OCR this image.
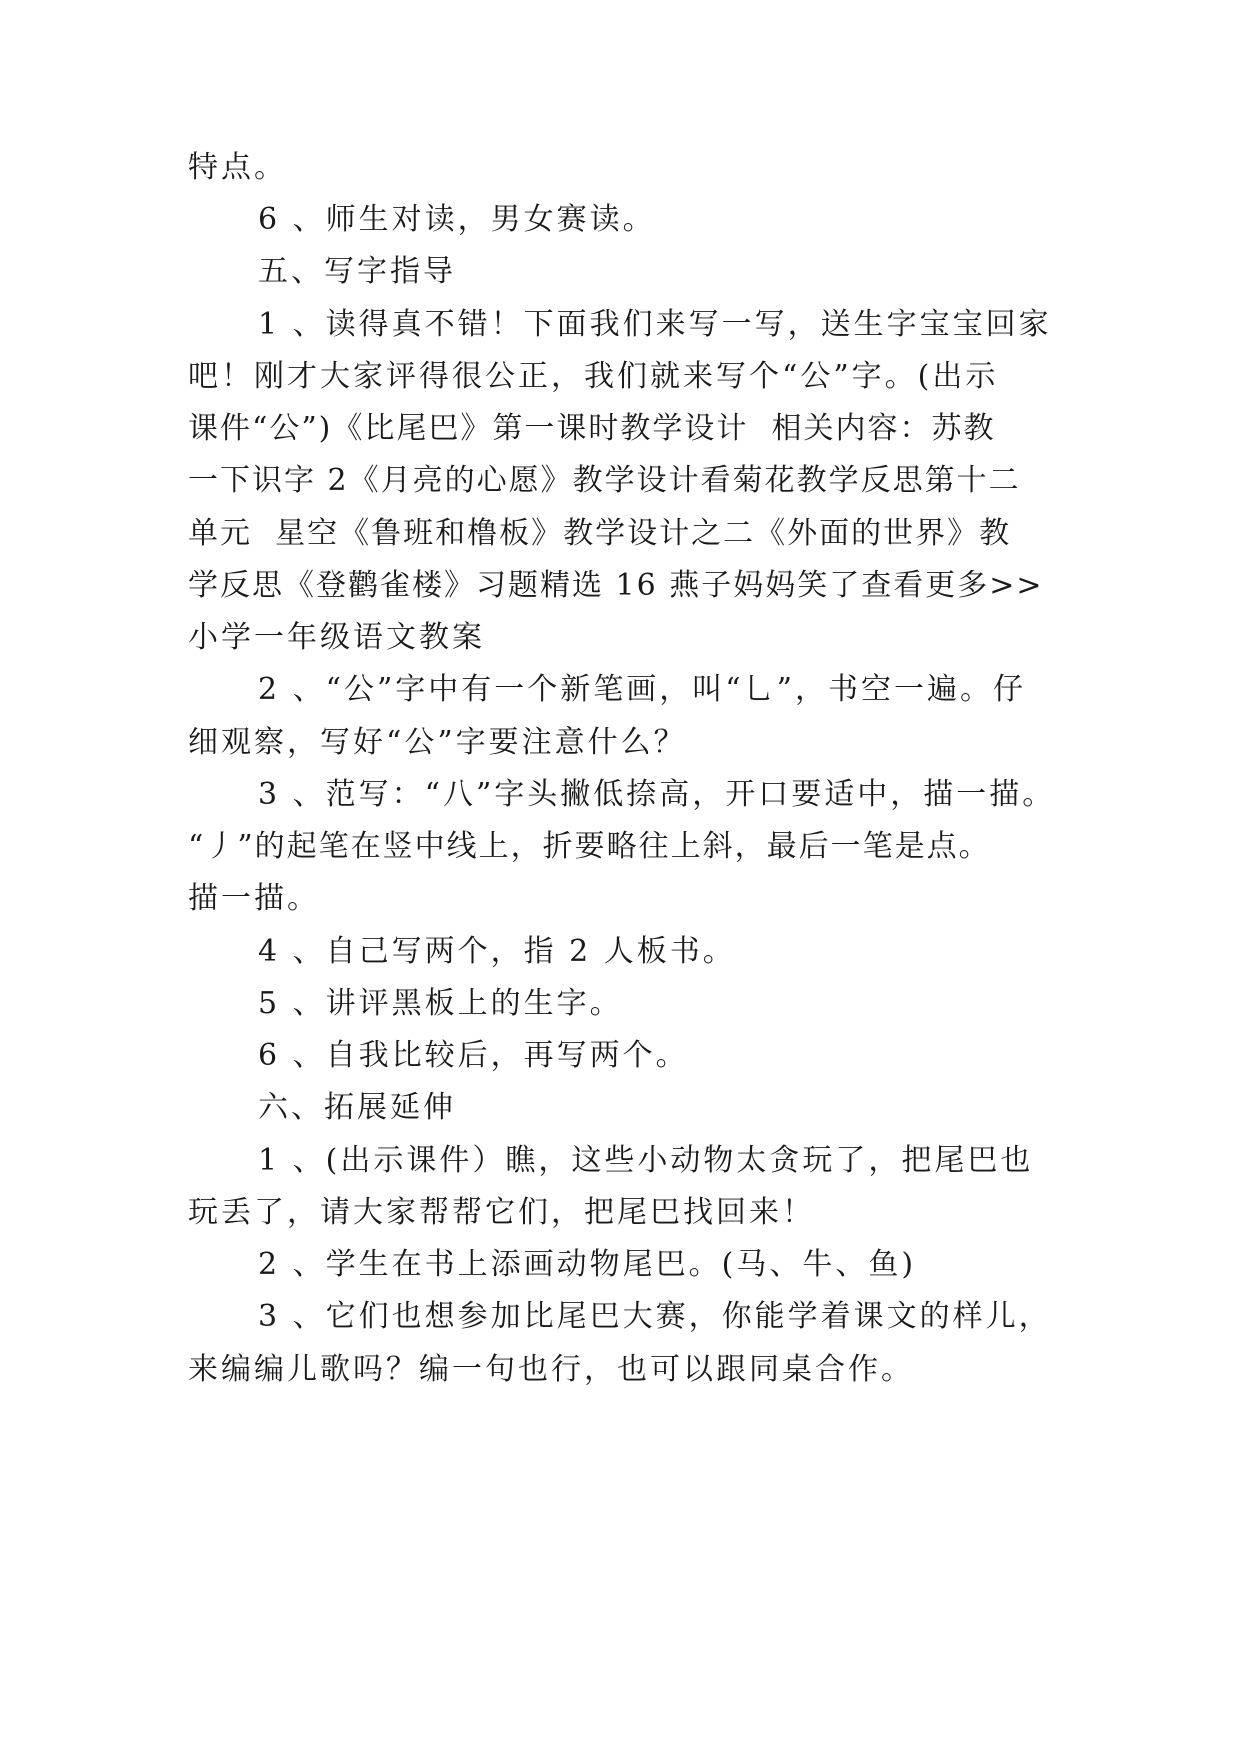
特点。
6 、师生对读，男女赛读。
五、写字指导
1 、读得真不错！下面我们来写一写，送生字宝宝回家
吧！刚才大家评得很公正，我们就来写个“公”字。(出示
课件“公”)《比尾巴》第一课时教学设计  相关内容：苏教
一下识字 2《月亮的心愿》教学设计看菊花教学反思第十二
单元  星空《鲁班和橹板》教学设计之二《外面的世界》教
学反思《登鹳雀楼》习题精选 16 燕子妈妈笑了查看更多>>
小学一年级语文教案
2 、“公”字中有一个新笔画，叫“乚”，书空一遍。仔
细观察，写好“公”字要注意什么？
3 、范写：“八”字头撇低捺高，开口要适中，描一描。
“丿”的起笔在竖中线上，折要略往上斜，最后一笔是点。
描一描。
4 、自己写两个，指 2 人板书。
5 、讲评黑板上的生字。
6 、自我比较后，再写两个。
六、拓展延伸
1 、(出示课件）瞧，这些小动物太贪玩了，把尾巴也
玩丢了，请大家帮帮它们，把尾巴找回来！
2 、学生在书上添画动物尾巴。(马、牛、鱼)
3 、它们也想参加比尾巴大赛，你能学着课文的样儿，
来编编儿歌吗？编一句也行，也可以跟同桌合作。
